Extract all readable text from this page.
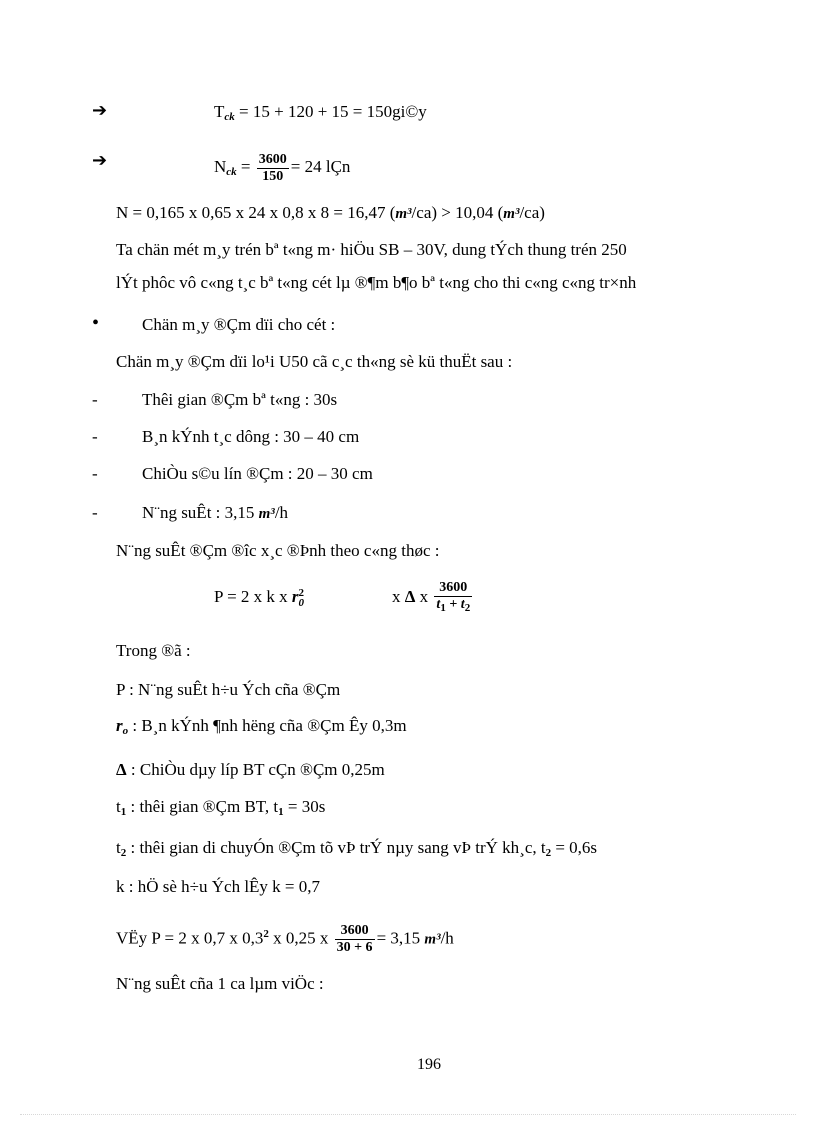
➔	$T_{ck} = 15 + 120 + 15$ = 150gi©y
➔	$N_{ck} = \frac{3600}{150} = 24$ lÇn
N = 0,165 x 0,65 x 24 x 0,8 x 8 = 16,47 (m³/ca) > 10,04 (m³/ca)
Ta chän mét m¸y trén bª t«ng m· hiÖu SB – 30V, dung tÝch thung trén 250
lÝt phôc vô c«ng t¸c bª t«ng cét lµ ®¶m b¶o bª t«ng cho thi c«ng c«ng tr×nh
•	Chän m¸y ®Çm dïi cho cét :
Chän m¸y ®Çm dïi lo¹i U50 cã c¸c th«ng sè kü thuËt sau :
-	Thêi gian ®Çm bª t«ng : 30s
-	B¸n kÝnh t¸c dông : 30 – 40 cm
-	ChiÒu s©u lín ®Çm : 20 – 30 cm
-	N¨ng suÊt : 3,15 m³/h
N¨ng suÊt ®Çm ®îc x¸c ®Þnh theo c«ng thøc :
P = 2 x k x r 2
0	x Δ x $\frac{3600}{t_1 + t_2}$
Trong ®ã :
P : N¨ng suÊt h÷u Ých cña ®Çm
$r_o$ : B¸n kÝnh ¶nh hëng cña ®Çm Êy 0,3m
Δ : ChiÒu dµy líp BT cÇn ®Çm 0,25m
t1 : thêi gian ®Çm BT, t1 = 30s
t2 : thêi gian di chuyÓn ®Çm tõ vÞ trÝ nµy sang vÞ trÝ kh¸c, t2 = 0,6s
k : hÖ sè h÷u Ých lÊy k = 0,7
VËy P = 2 x 0,7 x $0,3^2$ x 0,25 x $\frac{3600}{30 + 6} = 3,15$ m³/h
N¨ng suÊt cña 1 ca lµm viÖc :
196
